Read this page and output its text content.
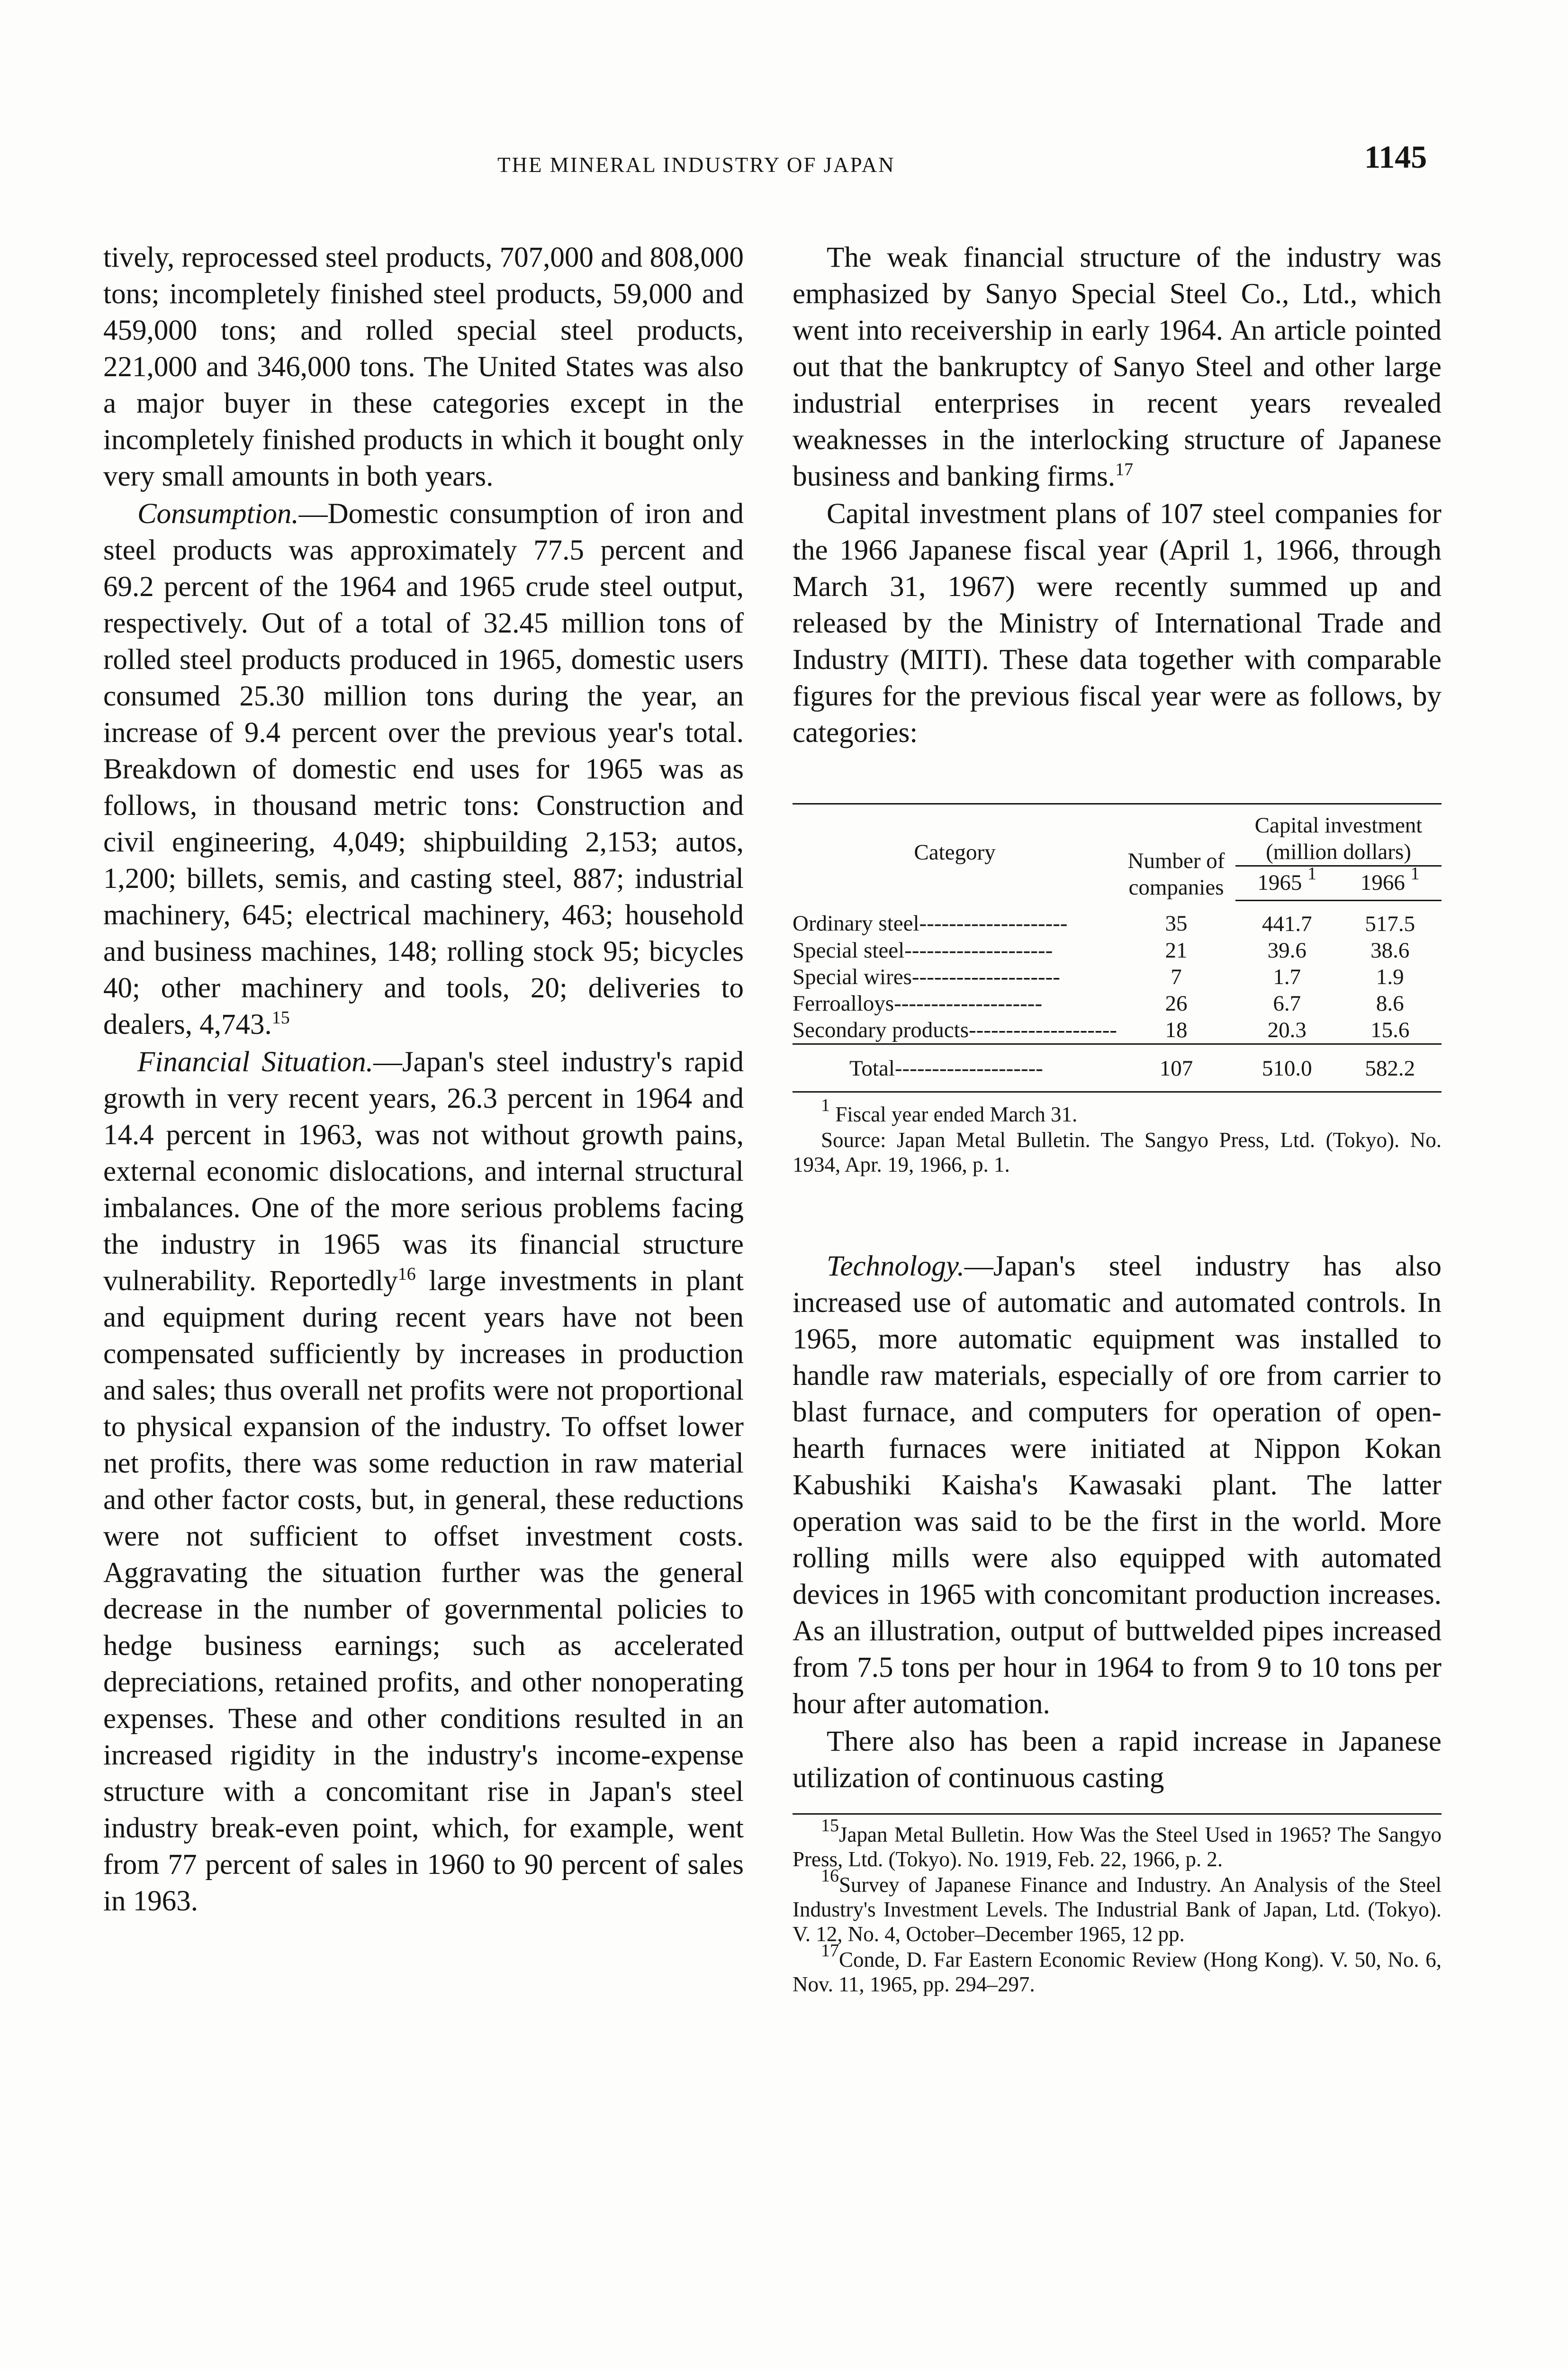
THE MINERAL INDUSTRY OF JAPAN	1145

tively, reprocessed steel products, 707,000 and 808,000 tons; incompletely finished steel products, 59,000 and 459,000 tons; and rolled special steel products, 221,000 and 346,000 tons. The United States was also a major buyer in these categories except in the incompletely finished products in which it bought only very small amounts in both years.

Consumption.—Domestic consumption of iron and steel products was approximately 77.5 percent and 69.2 percent of the 1964 and 1965 crude steel output, respectively. Out of a total of 32.45 million tons of rolled steel products produced in 1965, domestic users consumed 25.30 million tons during the year, an increase of 9.4 percent over the previous year's total. Breakdown of domestic end uses for 1965 was as follows, in thousand metric tons: Construction and civil engineering, 4,049; shipbuilding 2,153; autos, 1,200; billets, semis, and casting steel, 887; industrial machinery, 645; electrical machinery, 463; household and business machines, 148; rolling stock 95; bicycles 40; other machinery and tools, 20; deliveries to dealers, 4,743.15

Financial Situation.—Japan's steel industry's rapid growth in very recent years, 26.3 percent in 1964 and 14.4 percent in 1963, was not without growth pains, external economic dislocations, and internal structural imbalances. One of the more serious problems facing the industry in 1965 was its financial structure vulnerability. Reportedly$^{16}$ large investments in plant and equipment during recent years have not been compensated sufficiently by increases in production and sales; thus overall net profits were not proportional to physical expansion of the industry. To offset lower net profits, there was some reduction in raw material and other factor costs, but, in general, these reductions were not sufficient to offset investment costs. Aggravating the situation further was the general decrease in the number of governmental policies to hedge business earnings; such as accelerated depreciations, retained profits, and other nonoperating expenses. These and other conditions resulted in an increased rigidity in the industry's income-expense structure with a concomitant rise in Japan's steel industry break-even point, which, for example, went from 77 percent of sales in 1960 to 90 percent of sales in 1963.

The weak financial structure of the industry was emphasized by Sanyo Special Steel Co., Ltd., which went into receivership in early 1964. An article pointed out that the bankruptcy of Sanyo Steel and other large industrial enterprises in recent years revealed weaknesses in the interlocking structure of Japanese business and banking firms.$^{17}$

Capital investment plans of 107 steel companies for the 1966 Japanese fiscal year (April 1, 1966, through March 31, 1967) were recently summed up and released by the Ministry of International Trade and Industry (MITI). These data together with comparable figures for the previous fiscal year were as follows, by categories:

Category	Number of companies	Capital investment (million dollars)	
		1965 $^1$	1966 $^1$
Ordinary steel--------------------	35	441.7	517.5
Special steel--------------------	21	39.6	38.6
Special wires--------------------	7	1.7	1.9
Ferroalloys--------------------	26	6.7	8.6
Secondary products--------------------	18	20.3	15.6
Total--------------------	107	510.0	582.2

$^1$ Fiscal year ended March 31.

Source: Japan Metal Bulletin. The Sangyo Press, Ltd. (Tokyo). No. 1934, Apr. 19, 1966, p. 1.

Technology.—Japan's steel industry has also increased use of automatic and automated controls. In 1965, more automatic equipment was installed to handle raw materials, especially of ore from carrier to blast furnace, and computers for operation of open-hearth furnaces were initiated at Nippon Kokan Kabushiki Kaisha's Kawasaki plant. The latter operation was said to be the first in the world. More rolling mills were also equipped with automated devices in 1965 with concomitant production increases. As an illustration, output of buttwelded pipes increased from 7.5 tons per hour in 1964 to from 9 to 10 tons per hour after automation.

There also has been a rapid increase in Japanese utilization of continuous casting

$^{15}$Japan Metal Bulletin. How Was the Steel Used in 1965? The Sangyo Press, Ltd. (Tokyo). No. 1919, Feb. 22, 1966, p. 2.

$^{16}$Survey of Japanese Finance and Industry. An Analysis of the Steel Industry's Investment Levels. The Industrial Bank of Japan, Ltd. (Tokyo). V. 12, No. 4, October–December 1965, 12 pp.

$^{17}$Conde, D. Far Eastern Economic Review (Hong Kong). V. 50, No. 6, Nov. 11, 1965, pp. 294–297.
